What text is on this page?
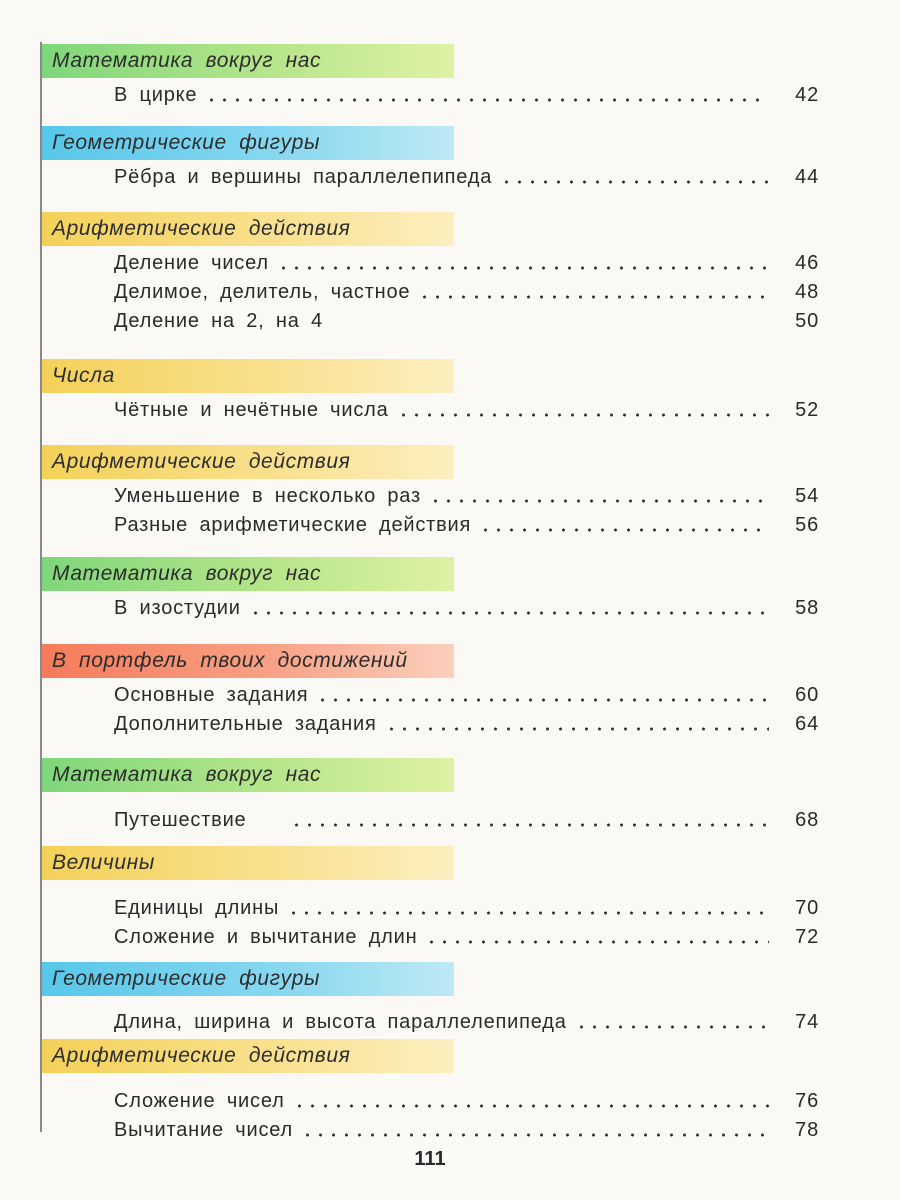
Математика вокруг нас
В цирке	42
Геометрические фигуры
Рёбра и вершины параллелепипеда	44
Арифметические действия
Деление чисел	46
Делимое, делитель, частное	48
Деление на 2, на 4	50
Числа
Чётные и нечётные числа	52
Арифметические действия
Уменьшение в несколько раз	54
Разные арифметические действия	56
Математика вокруг нас
В изостудии	58
В портфель твоих достижений
Основные задания	60
Дополнительные задания	64
Математика вокруг нас
Путешествие	68
Величины
Единицы длины	70
Сложение и вычитание длин	72
Геометрические фигуры
Длина, ширина и высота параллелепипеда	74
Арифметические действия
Сложение чисел	76
Вычитание чисел	78
111
